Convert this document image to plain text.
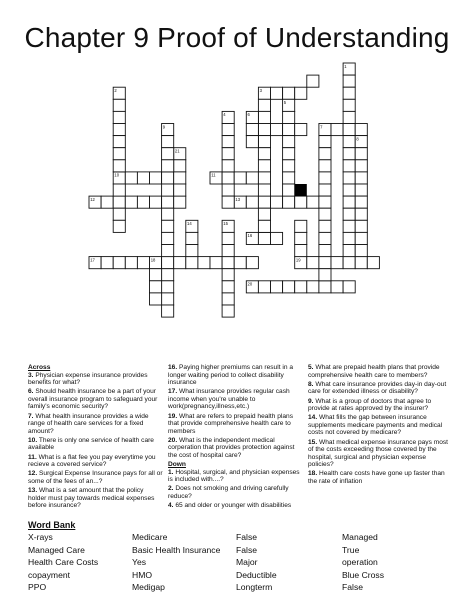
Chapter 9 Proof of Understanding
1
2	3
4
5
6
7
8
9
10	11
12	13
14	15
16
17	18	19
20
21
Across
3. Physician expense insurance provides benefits for what?
6. Should health insurance be a part of your overall insurance program to safeguard your family's economic security?
7. What health insurance provides a wide range of health care services for a fixed amount?
10. There is only one service of health care available
11. What is a flat fee you pay everytime you recieve a covered service?
12. Surgical Expense Insurance pays for all or some of the fees of an...?
13. What is a set amount that the policy holder must pay towards medical expenses before insurance?
16. Paying higher premiums can result in a longer waiting period to collect disability insurance
17. What insurance provides regular cash income when you're unable to work(pregnancy,illness,etc.)
19. What are refers to prepaid health plans that provide comprehensive health care to members
20. What is the independent medical corperation that provides protection against the cost of hospital care?
Down
1. Hospital, surgical, and physician expenses is included with....?
2. Does not smoking and driving carefully reduce?
4. 65 and older or younger with disabilities
5. What are prepaid health plans that provide comprehensive health care to members?
8. What care insurance provides day-in day-out care for extended illness or disability?
9. What is a group of doctors that agree to provide at rates approved by the insurer?
14. What fills the gap between insurance supplements medicare payments and medical costs not covered by medicare?
15. What medical expense insurance pays most of the costs exceeding those covered by the hospital, surgical and physician expense policies?
18. Health care costs have gone up faster than the rate of inflation
Word Bank
X-rays	Medicare	False	Managed
Managed Care	Basic Health Insurance False	True
Health Care Costs	Yes	Major	operation
copayment	HMO	Deductible	Blue Cross
PPO	Medigap	Longterm	False
